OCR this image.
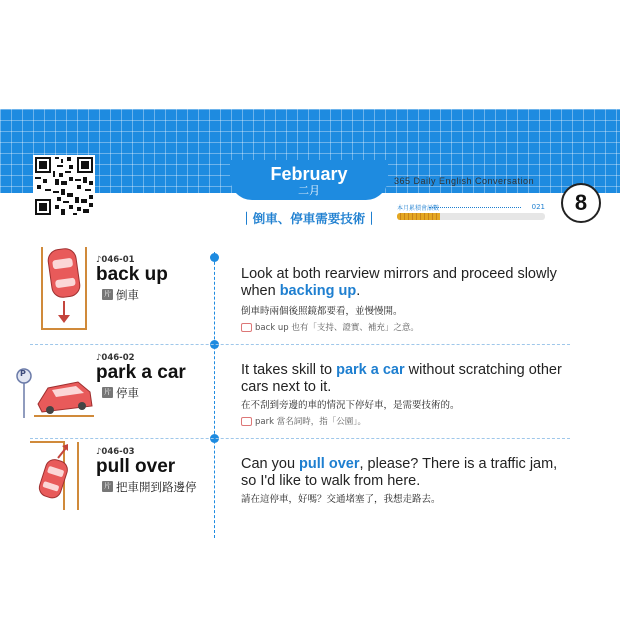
February
二月
365 Daily English Conversation
｜倒車、停車需要技術｜
本月累積會話數	021	8
P
♪046-01
back up
片 倒車
Look at both rearview mirrors and proceed slowly when backing up.
倒車時兩個後照鏡都要看，並慢慢開。
back up 也有「支持、證實、補充」之意。
♪046-02
park a car
片 停車
It takes skill to park a car without scratching other cars next to it.
在不刮到旁邊的車的情況下停好車，是需要技術的。
park 當名詞時，指「公園」。
♪046-03
pull over
片 把車開到路邊停
Can you pull over, please? There is a traffic jam, so I'd like to walk from here.
請在這停車，好嗎？交通堵塞了，我想走路去。
